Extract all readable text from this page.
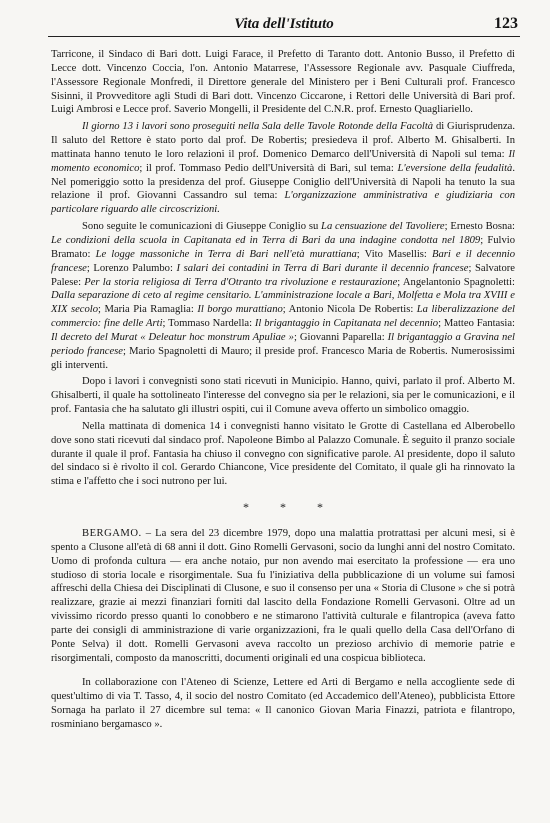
Vita dell'Istituto	123

Tarricone, il Sindaco di Bari dott. Luigi Farace, il Prefetto di Taranto dott. Antonio Busso, il Prefetto di Lecce dott. Vincenzo Coccia, l'on. Antonio Matarrese, l'Assessore Regionale avv. Pasquale Ciuffreda, l'Assessore Regionale Monfredi, il Direttore generale del Ministero per i Beni Culturali prof. Francesco Sisinni, il Provveditore agli Studi di Bari dott. Vincenzo Ciccarone, i Rettori delle Università di Bari prof. Luigi Ambrosi e Lecce prof. Saverio Mongelli, il Presidente del C.N.R. prof. Ernesto Quagliariello.

Il giorno 13 i lavori sono proseguiti nella Sala delle Tavole Rotonde della Facoltà di Giurisprudenza. Il saluto del Rettore è stato porto dal prof. De Robertis; presiedeva il prof. Alberto M. Ghisalberti. In mattinata hanno tenuto le loro relazioni il prof. Domenico Demarco dell'Università di Napoli sul tema: Il momento economico; il prof. Tommaso Pedio dell'Università di Bari, sul tema: L'eversione della feudalità. Nel pomeriggio sotto la presidenza del prof. Giuseppe Coniglio dell'Università di Napoli ha tenuto la sua relazione il prof. Giovanni Cassandro sul tema: L'organizzazione amministrativa e giudiziaria con particolare riguardo alle circoscrizioni.

Sono seguite le comunicazioni di Giuseppe Coniglio su La censuazione del Tavoliere; Ernesto Bosna: Le condizioni della scuola in Capitanata ed in Terra di Bari da una indagine condotta nel 1809; Fulvio Bramato: Le logge massoniche in Terra di Bari nell'età murattiana; Vito Masellis: Bari e il decennio francese; Lorenzo Palumbo: I salari dei contadini in Terra di Bari durante il decennio francese; Salvatore Palese: Per la storia religiosa di Terra d'Otranto tra rivoluzione e restaurazione; Angelantonio Spagnoletti: Dalla separazione di ceto al regime censitario. L'amministrazione locale a Bari, Molfetta e Mola tra XVIII e XIX secolo; Maria Pia Ramaglia: Il borgo murattiano; Antonio Nicola De Robertis: La liberalizzazione del commercio: fine delle Arti; Tommaso Nardella: Il brigantaggio in Capitanata nel decennio; Matteo Fantasia: Il decreto del Murat « Deleatur hoc monstrum Apuliae »; Giovanni Paparella: Il brigantaggio a Gravina nel periodo francese; Mario Spagnoletti di Mauro; il preside prof. Francesco Maria de Robertis. Numerosissimi gli interventi.

Dopo i lavori i convegnisti sono stati ricevuti in Municipio. Hanno, quivi, parlato il prof. Alberto M. Ghisalberti, il quale ha sottolineato l'interesse del convegno sia per le relazioni, sia per le comunicazioni, e il prof. Fantasia che ha salutato gli illustri ospiti, cui il Comune aveva offerto un simbolico omaggio.

Nella mattinata di domenica 14 i convegnisti hanno visitato le Grotte di Castellana ed Alberobello dove sono stati ricevuti dal sindaco prof. Napoleone Bimbo al Palazzo Comunale. È seguito il pranzo sociale durante il quale il prof. Fantasia ha chiuso il convegno con significative parole. Al presidente, dopo il saluto del sindaco si è rivolto il col. Gerardo Chiancone, Vice presidente del Comitato, il quale gli ha rinnovato la stima e l'affetto che i soci nutrono per lui.

* * *

BERGAMO. – La sera del 23 dicembre 1979, dopo una malattia protrattasi per alcuni mesi, si è spento a Clusone all'età di 68 anni il dott. Gino Romelli Gervasoni, socio da lunghi anni del nostro Comitato. Uomo di profonda cultura — era anche notaio, pur non avendo mai esercitato la professione — era uno studioso di storia locale e risorgimentale. Sua fu l'iniziativa della pubblicazione di un volume sui famosi affreschi della Chiesa dei Disciplinati di Clusone, e suo il consenso per una « Storia di Clusone » che si potrà realizzare, grazie ai mezzi finanziari forniti dal lascito della Fondazione Romelli Gervasoni. Oltre ad un vivissimo ricordo presso quanti lo conobbero e ne stimarono l'attività culturale e filantropica (aveva fatto parte dei consigli di amministrazione di varie organizzazioni, fra le quali quello della Casa dell'Orfano di Ponte Selva) il dott. Romelli Gervasoni aveva raccolto un prezioso archivio di memorie patrie e risorgimentali, composto da manoscritti, documenti originali ed una cospicua biblioteca.

In collaborazione con l'Ateneo di Scienze, Lettere ed Arti di Bergamo e nella accogliente sede di quest'ultimo di via T. Tasso, 4, il socio del nostro Comitato (ed Accademico dell'Ateneo), pubblicista Ettore Sornaga ha parlato il 27 dicembre sul tema: « Il canonico Giovan Maria Finazzi, patriota e filantropo, rosminiano bergamasco ».
